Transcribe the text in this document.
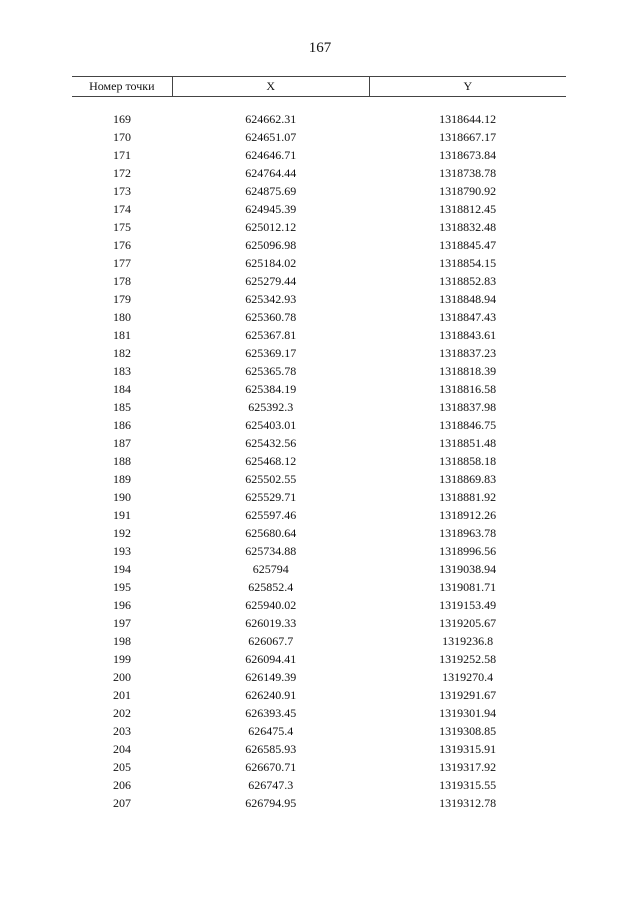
167
Номер точки	X	Y

169	624662.31	1318644.12
170	624651.07	1318667.17
171	624646.71	1318673.84
172	624764.44	1318738.78
173	624875.69	1318790.92
174	624945.39	1318812.45
175	625012.12	1318832.48
176	625096.98	1318845.47
177	625184.02	1318854.15
178	625279.44	1318852.83
179	625342.93	1318848.94
180	625360.78	1318847.43
181	625367.81	1318843.61
182	625369.17	1318837.23
183	625365.78	1318818.39
184	625384.19	1318816.58
185	625392.3	1318837.98
186	625403.01	1318846.75
187	625432.56	1318851.48
188	625468.12	1318858.18
189	625502.55	1318869.83
190	625529.71	1318881.92
191	625597.46	1318912.26
192	625680.64	1318963.78
193	625734.88	1318996.56
194	625794	1319038.94
195	625852.4	1319081.71
196	625940.02	1319153.49
197	626019.33	1319205.67
198	626067.7	1319236.8
199	626094.41	1319252.58
200	626149.39	1319270.4
201	626240.91	1319291.67
202	626393.45	1319301.94
203	626475.4	1319308.85
204	626585.93	1319315.91
205	626670.71	1319317.92
206	626747.3	1319315.55
207	626794.95	1319312.78
